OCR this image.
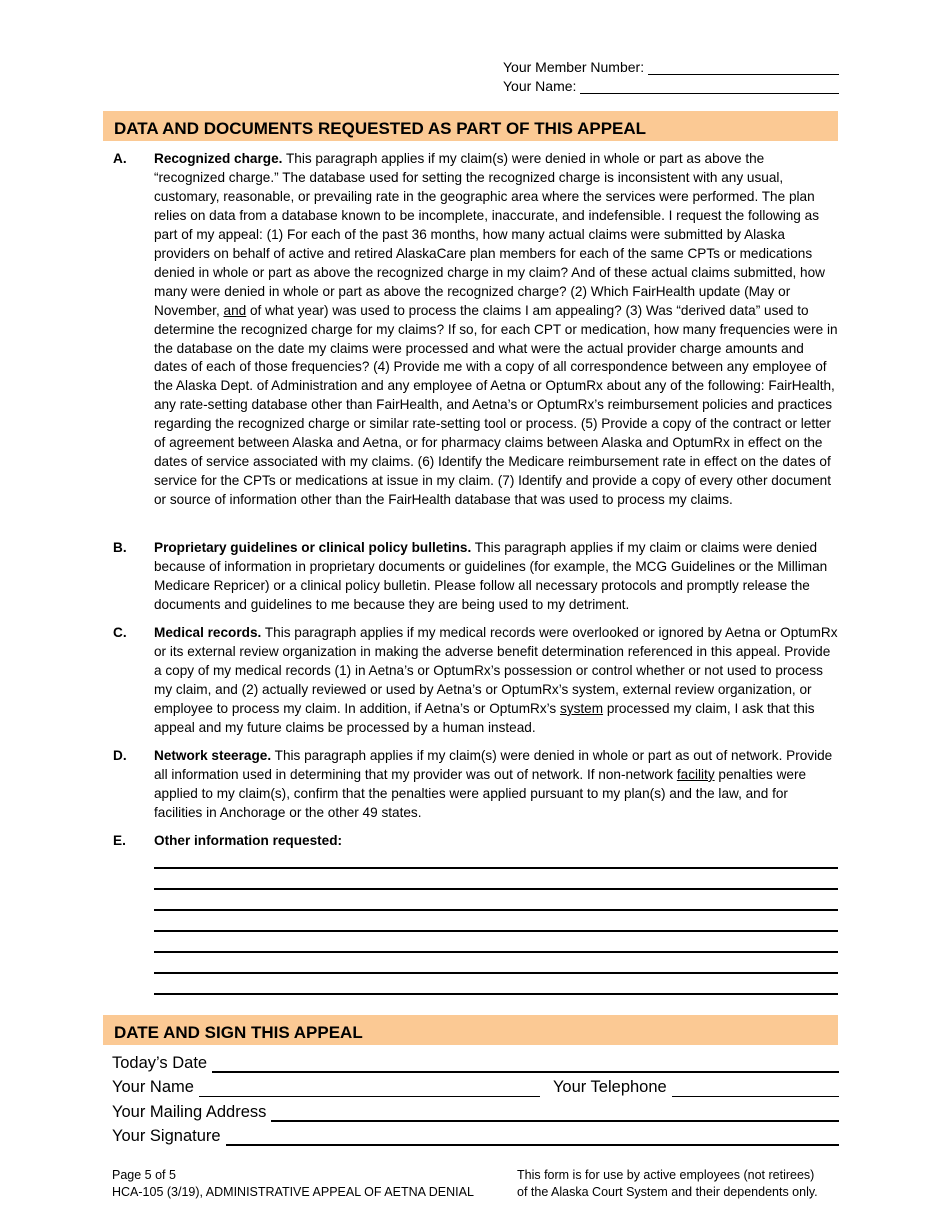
Your Member Number:
Your Name:
DATA AND DOCUMENTS REQUESTED AS PART OF THIS APPEAL
A. Recognized charge. This paragraph applies if my claim(s) were denied in whole or part as above the “recognized charge.” The database used for setting the recognized charge is inconsistent with any usual, customary, reasonable, or prevailing rate in the geographic area where the services were performed. The plan relies on data from a database known to be incomplete, inaccurate, and indefensible. I request the following as part of my appeal: (1) For each of the past 36 months, how many actual claims were submitted by Alaska providers on behalf of active and retired AlaskaCare plan members for each of the same CPTs or medications denied in whole or part as above the recognized charge in my claim? And of these actual claims submitted, how many were denied in whole or part as above the recognized charge? (2) Which FairHealth update (May or November, and of what year) was used to process the claims I am appealing? (3) Was “derived data” used to determine the recognized charge for my claims? If so, for each CPT or medication, how many frequencies were in the database on the date my claims were processed and what were the actual provider charge amounts and dates of each of those frequencies? (4) Provide me with a copy of all correspondence between any employee of the Alaska Dept. of Administration and any employee of Aetna or OptumRx about any of the following: FairHealth, any rate-setting database other than FairHealth, and Aetna’s or OptumRx’s reimbursement policies and practices regarding the recognized charge or similar rate-setting tool or process. (5) Provide a copy of the contract or letter of agreement between Alaska and Aetna, or for pharmacy claims between Alaska and OptumRx in effect on the dates of service associated with my claims. (6) Identify the Medicare reimbursement rate in effect on the dates of service for the CPTs or medications at issue in my claim. (7) Identify and provide a copy of every other document or source of information other than the FairHealth database that was used to process my claims.
B. Proprietary guidelines or clinical policy bulletins. This paragraph applies if my claim or claims were denied because of information in proprietary documents or guidelines (for example, the MCG Guidelines or the Milliman Medicare Repricer) or a clinical policy bulletin. Please follow all necessary protocols and promptly release the documents and guidelines to me because they are being used to my detriment.
C. Medical records. This paragraph applies if my medical records were overlooked or ignored by Aetna or OptumRx or its external review organization in making the adverse benefit determination referenced in this appeal. Provide a copy of my medical records (1) in Aetna’s or OptumRx’s possession or control whether or not used to process my claim, and (2) actually reviewed or used by Aetna’s or OptumRx’s system, external review organization, or employee to process my claim. In addition, if Aetna’s or OptumRx’s system processed my claim, I ask that this appeal and my future claims be processed by a human instead.
D. Network steerage. This paragraph applies if my claim(s) were denied in whole or part as out of network. Provide all information used in determining that my provider was out of network. If non-network facility penalties were applied to my claim(s), confirm that the penalties were applied pursuant to my plan(s) and the law, and for facilities in Anchorage or the other 49 states.
E. Other information requested:
DATE AND SIGN THIS APPEAL
Today’s Date
Your Name	Your Telephone
Your Mailing Address
Your Signature
Page 5 of 5
HCA-105 (3/19), ADMINISTRATIVE APPEAL OF AETNA DENIAL
This form is for use by active employees (not retirees)
of the Alaska Court System and their dependents only.
